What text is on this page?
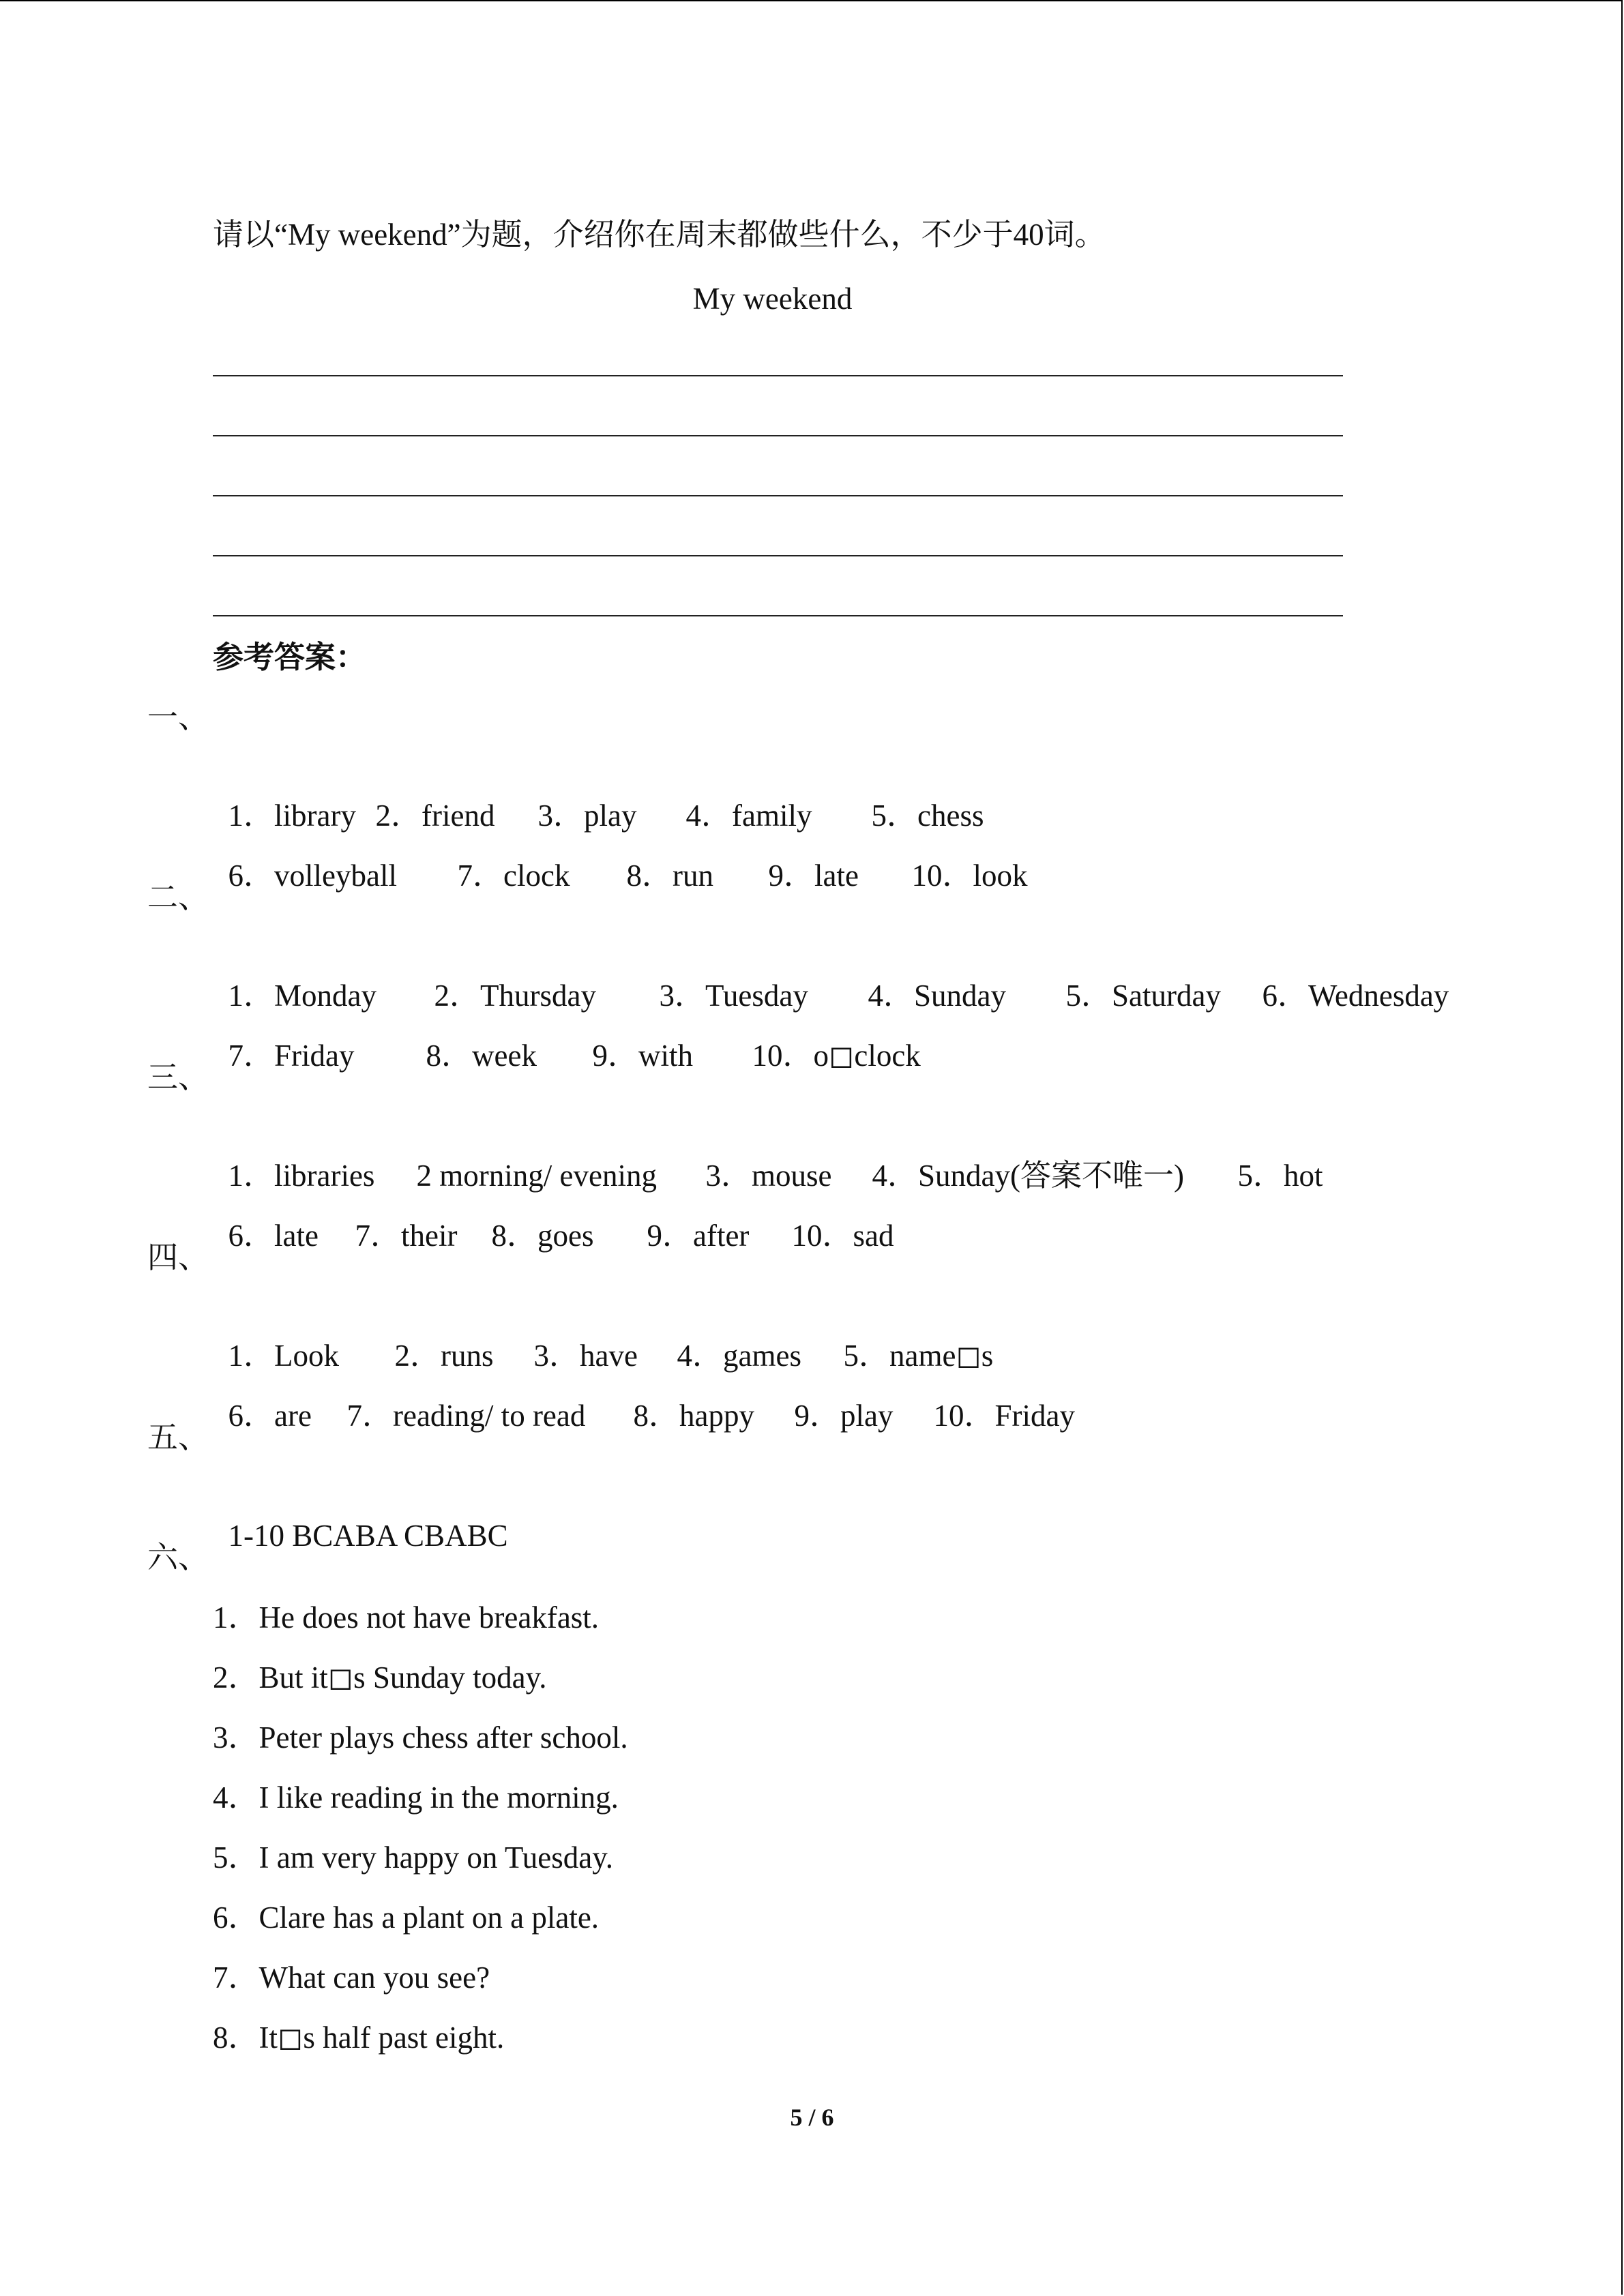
请以“My weekend”为题，介绍你在周末都做些什么，不少于40词。
My weekend
参考答案：
一、

1．library 2．friend 3．play 4．family 5．chess

6．volleyball 7．clock 8．run 9．late 10．look

二、

1．Monday 2．Thursday 3．Tuesday 4．Sunday 5．Saturday 6．Wednesday

7．Friday 8．week 9．with 10．o◻clock

三、

1．libraries 2 morning/ evening 3．mouse 4．Sunday(答案不唯一) 5．hot

6．late 7．their 8．goes 9．after 10．sad

四、

1．Look 2．runs 3．have 4．games 5．name◻s

6．are 7．reading/ to read 8．happy 9．play 10．Friday

五、

1-10 BCABA CBABC

六、
1．He does not have breakfast.
2．But it◻s Sunday today.
3．Peter plays chess after school.
4．I like reading in the morning.
5．I am very happy on Tuesday.
6．Clare has a plant on a plate.
7．What can you see?
8．It◻s half past eight.
5 / 6
